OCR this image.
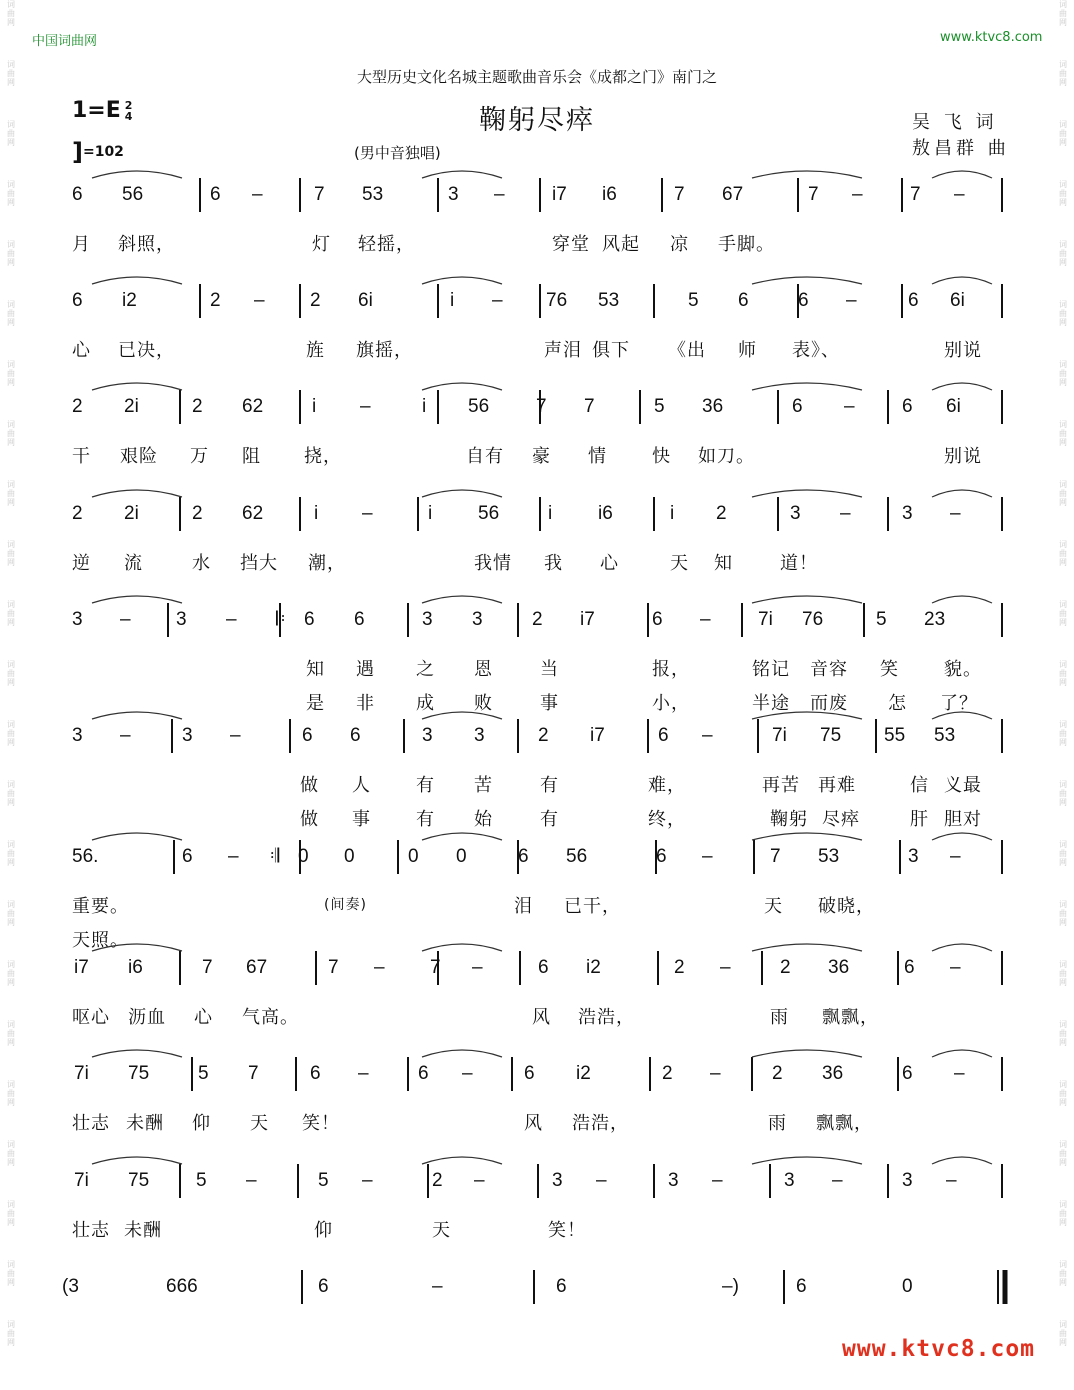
词
曲
网
词
曲
网
词
曲
网
词
曲
网
词
曲
网
词
曲
网
词
曲
网
词
曲
网
词
曲
网
词
曲
网
词
曲
网
词
曲
网
词
曲
网
词
曲
网
词
曲
网
词
曲
网
词
曲
网
词
曲
网
词
曲
网
词
曲
网
词
曲
网
词
曲
网
词
曲
网
词
曲
网
词
曲
网
词
曲
网
词
曲
网
词
曲
网
词
曲
网
词
曲
网
词
曲
网
词
曲
网
词
曲
网
词
曲
网
词
曲
网
词
曲
网
词
曲
网
词
曲
网
词
曲
网
词
曲
网
词
曲
网
词
曲
网
词
曲
网
词
曲
网
词
曲
网
词
曲
网
中国词曲网	www.ktvc8.com
大型历史文化名城主题歌曲音乐会《成都之门》南门之
鞠躬尽瘁
1=E 2
4
]=102	(男中音独唱)
吴 飞 词
敖昌群 曲
6 56	6 –	7 53	3 – i7 i6	7 67	7 – 7 –
月 斜照，	灯 轻摇，	穿堂 风起 凉 手脚。
6 i2	2 – 2 6i	i – 76 53	5 6	6 –	6 6i
心 已决，	旌 旗摇，	声泪 俱下 《出 师 表》、	别说
2 2i	2 62	i –	i 56 7 7	5 36	6 – 6 6i
干 艰险 万 阻 挠，	自有 豪 情	快 如刀。	别说
2 2i	2 62	i –	i 56	i i6	i 2	3 –	3 –
逆 流	水 挡大 潮，	我情 我 心	天 知	道！
3 – 3 – 𝄆 6 6	3 3	2 i7	6 – 7i 76	5 23
知 遇 之 恩	当	报，	铭记 音容 笑	貌。
是 非 成 败	事	小，	半途 而废 怎 了？
3 –	3 –	6 6	3 3	2 i7	6 –	7i 75 55 53
做 人	有 苦	有	难，	再苦 再难	信 义最
做 事	有 始	有	终，	鞠躬 尽瘁	肝 胆对
56.	6 – 𝄇 0 0	0 0	6 56	6 –	7 53	3 –
重要。	(间奏)	泪 已干，	天 破晓，
天照。
i7 i6	7 67	7 – 7 –	6 i2	2 –	2 36	6 –
呕心 沥血 心 气高。	风 浩浩，	雨 飘飘，
7i 75	5 7	6 –	6 –	6 i2	2 –	2 36	6 –
壮志 未酬 仰 天 笑！	风 浩浩，	雨 飘飘，
7i 75 5 –	5 –	2 –	3 –	3 –	3 –	3 –
壮志 未酬	仰	天	笑！
(3	666	6	–	6	–)	6	0
www.ktvc8.com
